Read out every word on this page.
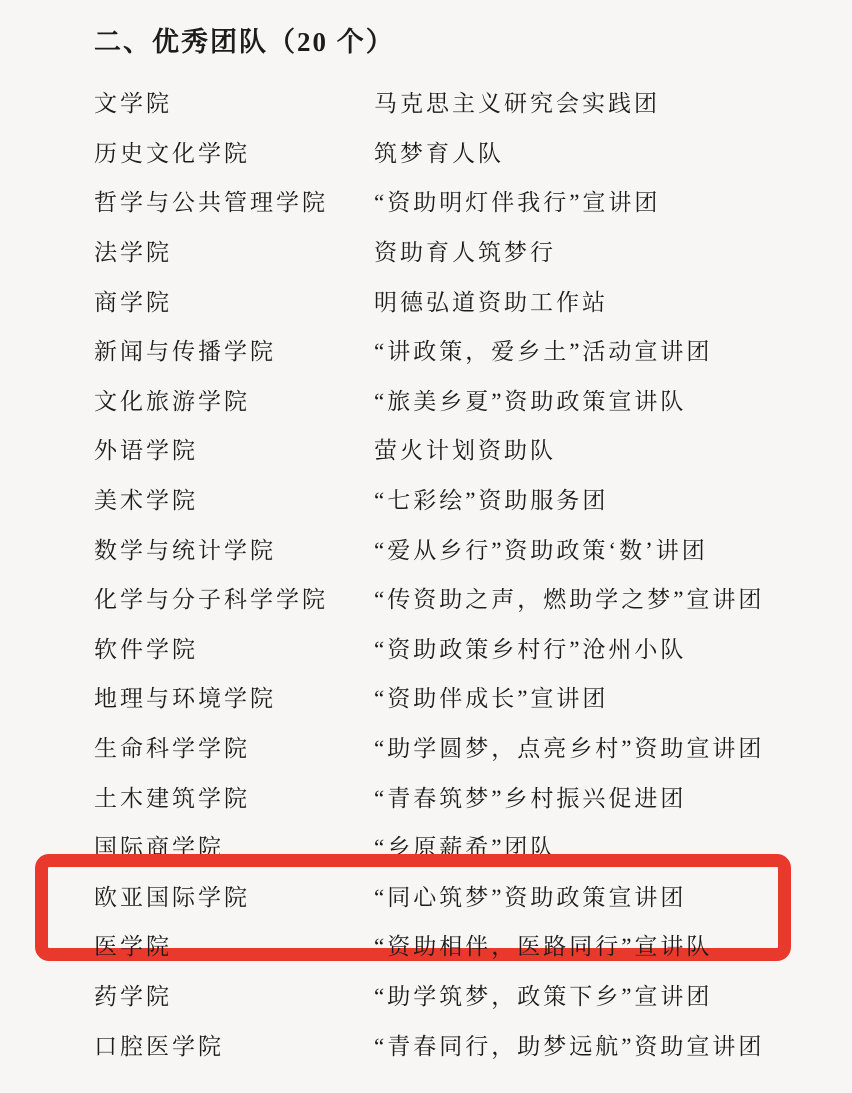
二、优秀团队（20 个）
文学院	马克思主义研究会实践团
历史文化学院	筑梦育人队
哲学与公共管理学院	“资助明灯伴我行”宣讲团
法学院	资助育人筑梦行
商学院	明德弘道资助工作站
新闻与传播学院	“讲政策，爱乡土”活动宣讲团
文化旅游学院	“旅美乡夏”资助政策宣讲队
外语学院	萤火计划资助队
美术学院	“七彩绘”资助服务团
数学与统计学院	“爱从乡行”资助政策‘数’讲团
化学与分子科学学院	“传资助之声，燃助学之梦”宣讲团
软件学院	“资助政策乡村行”沧州小队
地理与环境学院	“资助伴成长”宣讲团
生命科学学院	“助学圆梦，点亮乡村”资助宣讲团
土木建筑学院	“青春筑梦”乡村振兴促进团
国际商学院	“乡原薪希”团队
欧亚国际学院	“同心筑梦”资助政策宣讲团
医学院	“资助相伴，医路同行”宣讲队
药学院	“助学筑梦，政策下乡”宣讲团
口腔医学院	“青春同行，助梦远航”资助宣讲团
